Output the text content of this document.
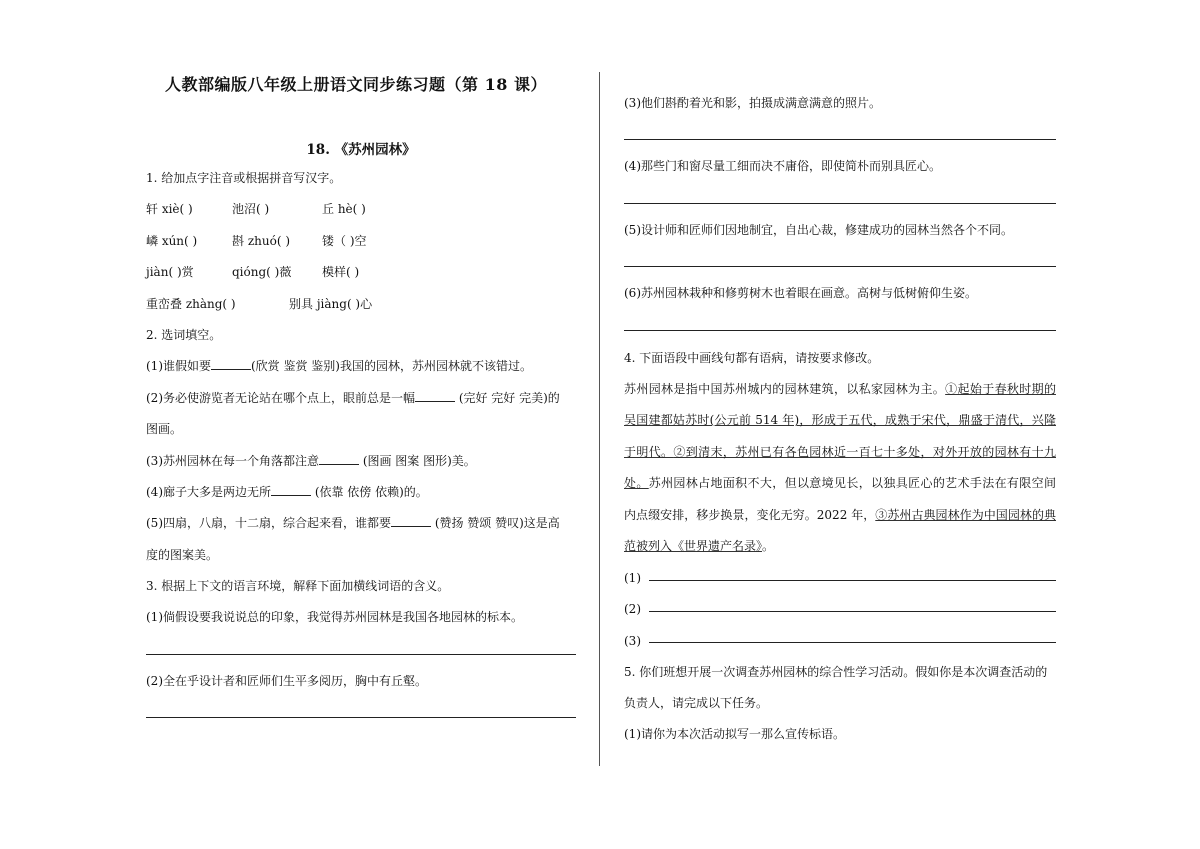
人教部编版八年级上册语文同步练习题（第 18 课）
18. 《苏州园林》
1. 给加点字注音或根据拼音写汉字。
轩 xiè( )	池沼( )	丘 hè( )
嶙 xún( )	斟 zhuó( )	镂（ )空
jiàn( )赏	qióng( )薇	模样( )
重峦叠 zhàng( )	别具 jiàng( )心
2. 选词填空。
(1)谁假如要	(欣赏 鉴赏 鉴别)我国的园林，苏州园林就不该错过。
(2)务必使游览者无论站在哪个点上，眼前总是一幅	(完好 完好 完美)的
图画。
(3)苏州园林在每一个角落都注意	(图画 图案 图形)美。
(4)廊子大多是两边无所	(依靠 依傍 依赖)的。
(5)四扇，八扇，十二扇，综合起来看，谁都要	(赞扬 赞颂 赞叹)这是高
度的图案美。
3. 根据上下文的语言环境，解释下面加横线词语的含义。
(1)倘假设要我说说总的印象，我觉得苏州园林是我国各地园林的标本。
(2)全在乎设计者和匠师们生平多阅历，胸中有丘壑。
(3)他们斟酌着光和影，拍摄成满意满意的照片。
(4)那些门和窗尽量工细而决不庸俗，即使简朴而别具匠心。
(5)设计师和匠师们因地制宜，自出心裁，修建成功的园林当然各个不同。
(6)苏州园林栽种和修剪树木也着眼在画意。高树与低树俯仰生姿。
4. 下面语段中画线句都有语病，请按要求修改。
苏州园林是指中国苏州城内的园林建筑，以私家园林为主。①起始于春秋时期的吴国建都姑苏时(公元前 514 年)，形成于五代，成熟于宋代，鼎盛于清代，兴隆于明代。②到清末，苏州已有各色园林近一百七十多处，对外开放的园林有十九处。苏州园林占地面积不大，但以意境见长，以独具匠心的艺术手法在有限空间内点缀安排，移步换景，变化无穷。2022 年，③苏州古典园林作为中国园林的典范被列入《世界遗产名录》。
(1)
(2)
(3)
5. 你们班想开展一次调查苏州园林的综合性学习活动。假如你是本次调查活动的
负责人，请完成以下任务。
(1)请你为本次活动拟写一那么宣传标语。
